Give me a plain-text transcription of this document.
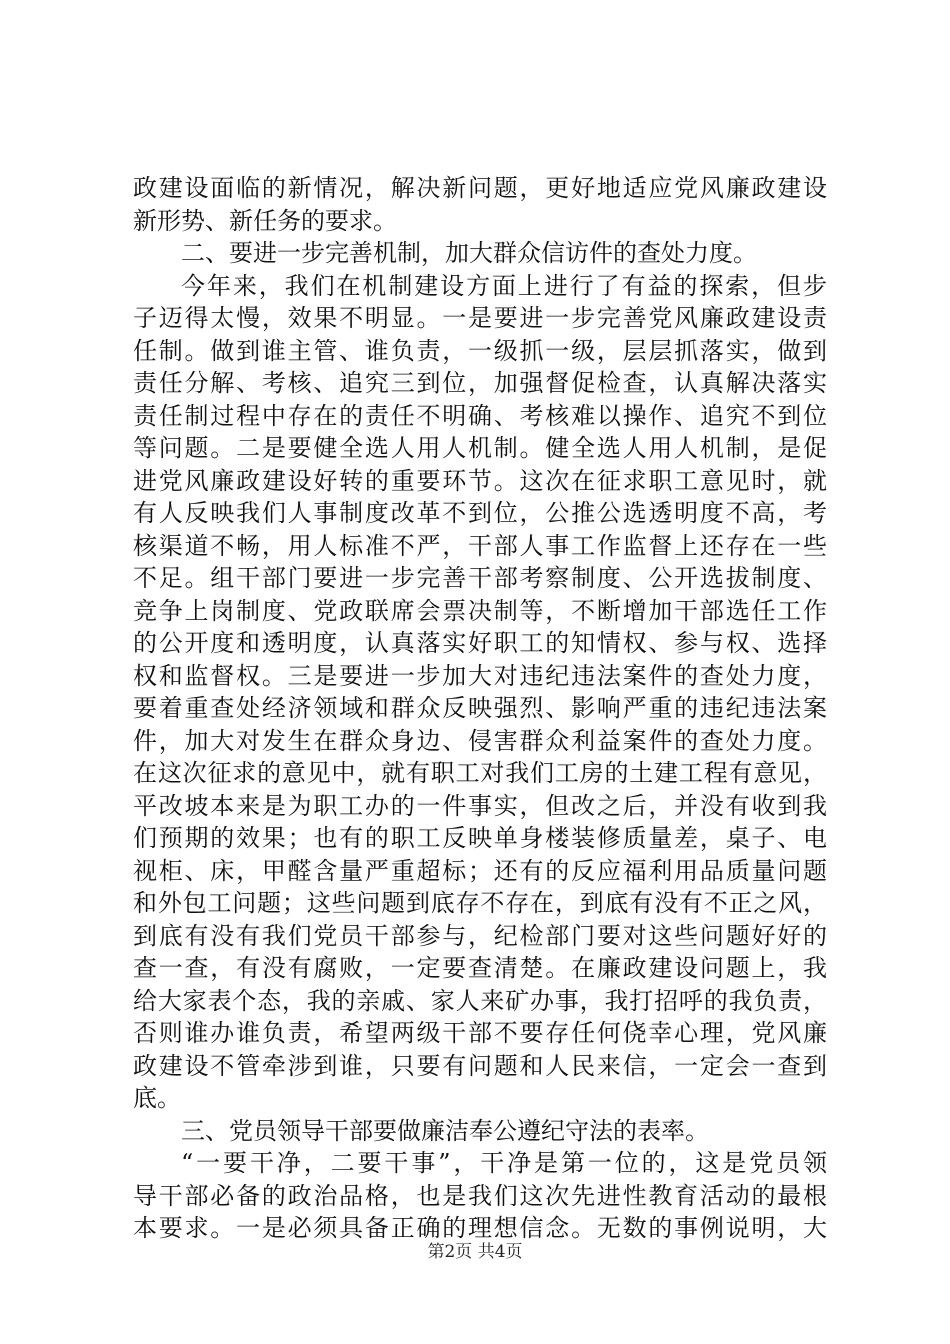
政建设面临的新情况，解决新问题，更好地适应党风廉政建设
新形势、新任务的要求。
二、要进一步完善机制，加大群众信访件的查处力度。
今年来，我们在机制建设方面上进行了有益的探索，但步
子迈得太慢，效果不明显。一是要进一步完善党风廉政建设责
任制。做到谁主管、谁负责，一级抓一级，层层抓落实，做到
责任分解、考核、追究三到位，加强督促检查，认真解决落实
责任制过程中存在的责任不明确、考核难以操作、追究不到位
等问题。二是要健全选人用人机制。健全选人用人机制，是促
进党风廉政建设好转的重要环节。这次在征求职工意见时，就
有人反映我们人事制度改革不到位，公推公选透明度不高，考
核渠道不畅，用人标准不严，干部人事工作监督上还存在一些
不足。组干部门要进一步完善干部考察制度、公开选拔制度、
竞争上岗制度、党政联席会票决制等，不断增加干部选任工作
的公开度和透明度，认真落实好职工的知情权、参与权、选择
权和监督权。三是要进一步加大对违纪违法案件的查处力度，
要着重查处经济领域和群众反映强烈、影响严重的违纪违法案
件，加大对发生在群众身边、侵害群众利益案件的查处力度。
在这次征求的意见中，就有职工对我们工房的土建工程有意见，
平改坡本来是为职工办的一件事实，但改之后，并没有收到我
们预期的效果；也有的职工反映单身楼装修质量差，桌子、电
视柜、床，甲醛含量严重超标；还有的反应福利用品质量问题
和外包工问题；这些问题到底存不存在，到底有没有不正之风，
到底有没有我们党员干部参与，纪检部门要对这些问题好好的
查一查，有没有腐败，一定要查清楚。在廉政建设问题上，我
给大家表个态，我的亲戚、家人来矿办事，我打招呼的我负责，
否则谁办谁负责，希望两级干部不要存任何侥幸心理，党风廉
政建设不管牵涉到谁，只要有问题和人民来信，一定会一查到
底。
三、党员领导干部要做廉洁奉公遵纪守法的表率。
“一要干净，二要干事”，干净是第一位的，这是党员领
导干部必备的政治品格，也是我们这次先进性教育活动的最根
本要求。一是必须具备正确的理想信念。无数的事例说明，大
第2页 共4页
